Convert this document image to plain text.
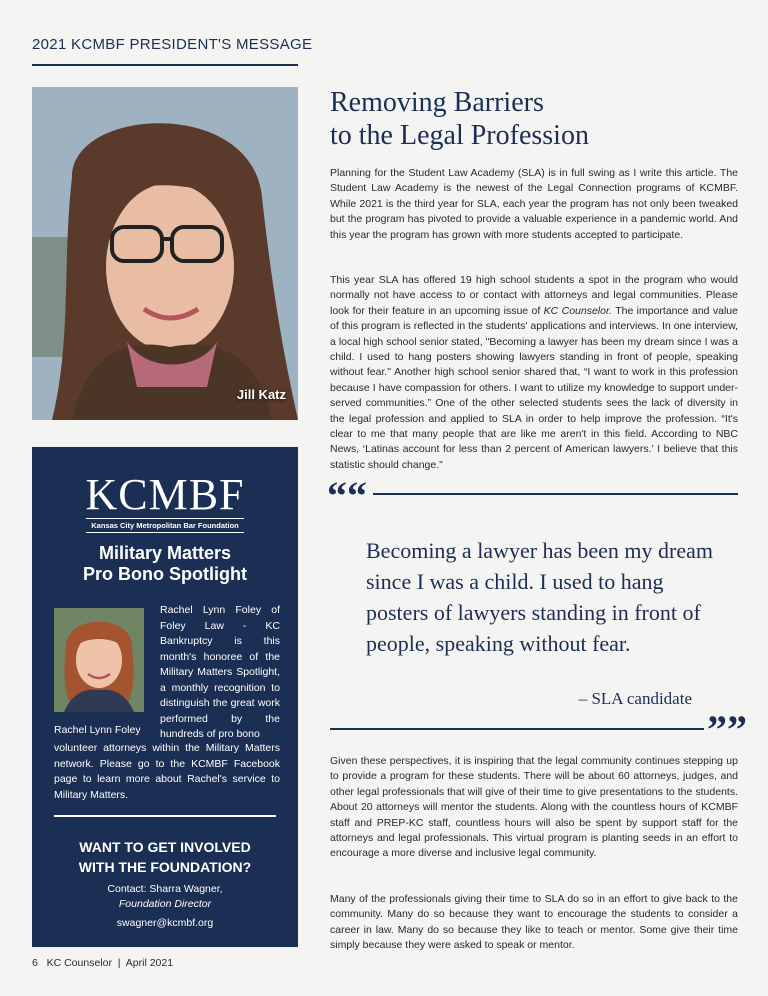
2021 KCMBF PRESIDENT'S MESSAGE
Jill Katz
KCMBF
Kansas City Metropolitan Bar Foundation
Military Matters
Pro Bono Spotlight
Rachel Lynn Foley
Rachel Lynn Foley of Foley Law - KC Bankruptcy is this month's honoree of the Military Matters Spotlight, a monthly recognition to distinguish the great work performed by the hundreds of pro bono
volunteer attorneys within the Military Matters network. Please go to the KCMBF Facebook page to learn more about Rachel's service to Military Matters.
WANT TO GET INVOLVED
WITH THE FOUNDATION?
Contact: Sharra Wagner,
Foundation Director
swagner@kcmbf.org
Removing Barriers
to the Legal Profession
Planning for the Student Law Academy (SLA) is in full swing as I write this article. The Student Law Academy is the newest of the Legal Connection programs of KCMBF. While 2021 is the third year for SLA, each year the program has not only been tweaked but the program has pivoted to provide a valuable experience in a pandemic world. And this year the program has grown with more students accepted to participate.
This year SLA has offered 19 high school students a spot in the program who would normally not have access to or contact with attorneys and legal communities. Please look for their feature in an upcoming issue of KC Counselor. The importance and value of this program is reflected in the students' applications and interviews. In one interview, a local high school senior stated, "Becoming a lawyer has been my dream since I was a child. I used to hang posters showing lawyers standing in front of people, speaking without fear." Another high school senior shared that, “I want to work in this profession because I have compassion for others. I want to utilize my knowledge to support under-served communities.” One of the other selected students sees the lack of diversity in the legal profession and applied to SLA in order to help improve the profession. “It's clear to me that many people that are like me aren't in this field. According to NBC News, ‘Latinas account for less than 2 percent of American lawyers.’ I believe that this statistic should change.”
““
Becoming a lawyer has been my dream since I was a child. I used to hang posters of lawyers standing in front of people, speaking without fear.
– SLA candidate
””
Given these perspectives, it is inspiring that the legal community continues stepping up to provide a program for these students. There will be about 60 attorneys, judges, and other legal professionals that will give of their time to give presentations to the students. About 20 attorneys will mentor the students. Along with the countless hours of KCMBF staff and PREP-KC staff, countless hours will also be spent by support staff for the attorneys and legal professionals. This virtual program is planting seeds in an effort to encourage a more diverse and inclusive legal community.
Many of the professionals giving their time to SLA do so in an effort to give back to the community. Many do so because they want to encourage the students to consider a career in law. Many do so because they like to teach or mentor. Some give their time simply because they were asked to speak or mentor.
6   KC Counselor  |  April 2021
